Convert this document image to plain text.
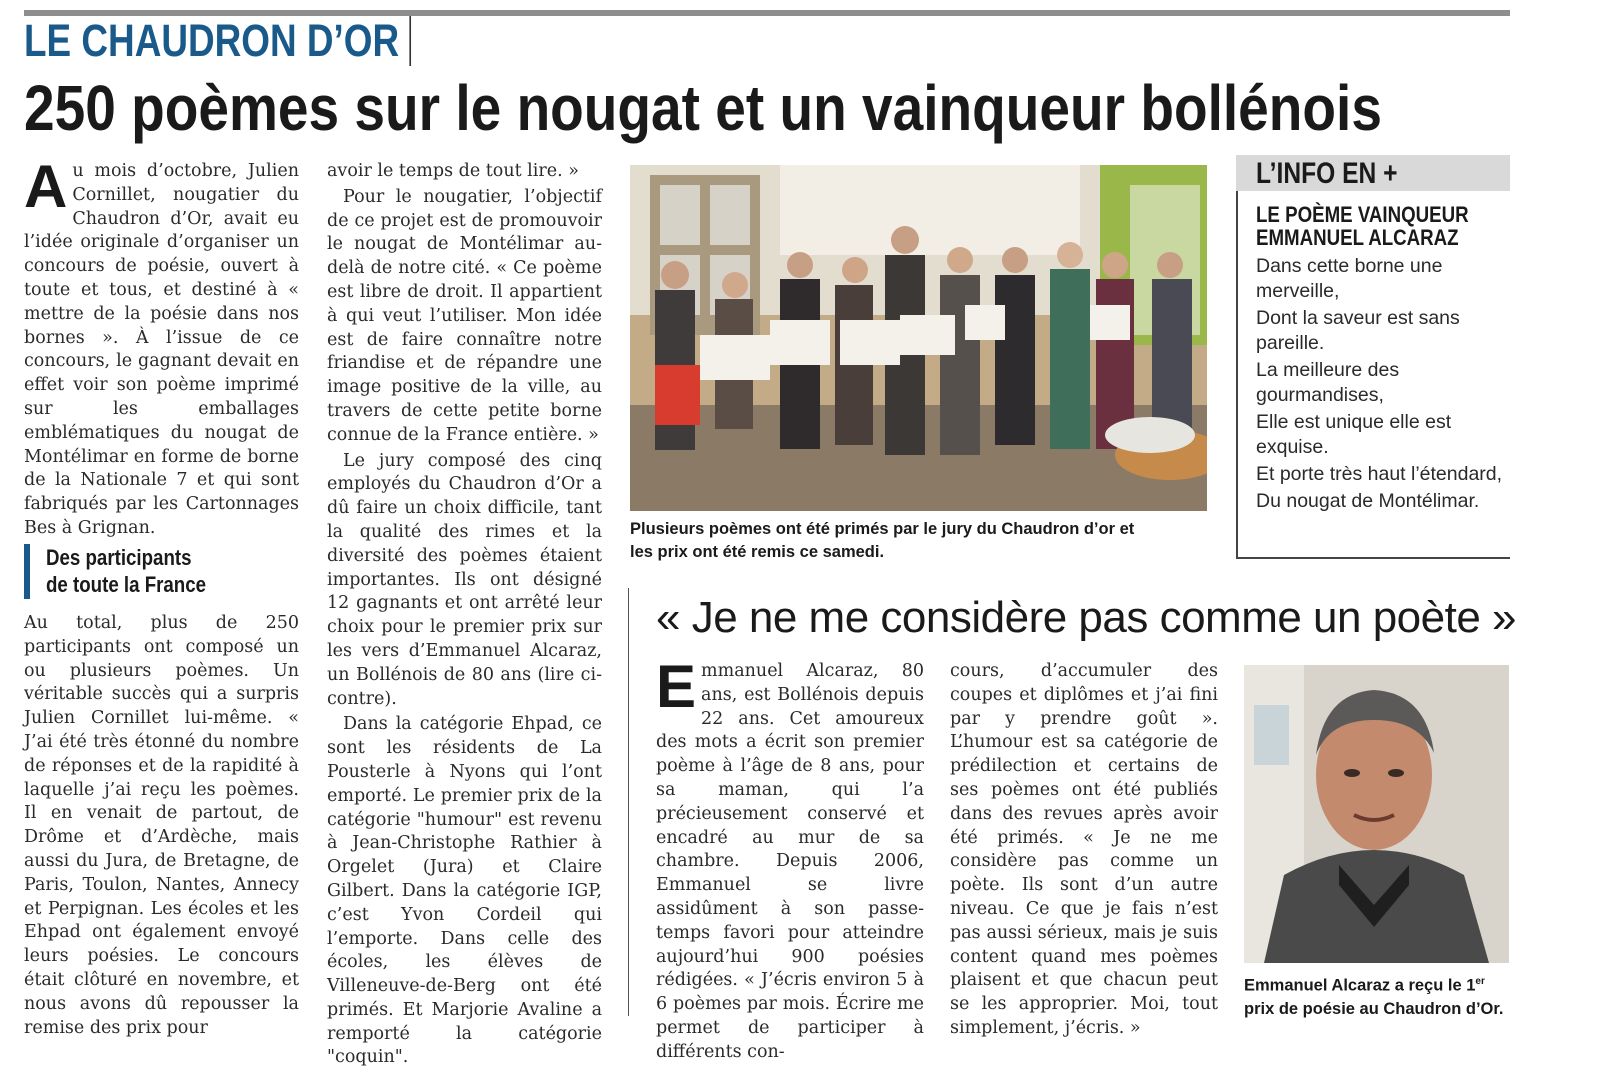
LE CHAUDRON D’OR
250 poèmes sur le nougat et un vainqueur bollénois

Au mois d’octobre, Julien Cornillet, nougatier du Chaudron d’Or, avait eu l’idée originale d’organiser un concours de poésie, ouvert à toute et tous, et destiné à « mettre de la poésie dans nos bornes ». À l’issue de ce concours, le gagnant devait en effet voir son poème imprimé sur les emballages emblématiques du nougat de Montélimar en forme de borne de la Nationale 7 et qui sont fabriqués par les Cartonnages Bes à Grignan.

Des participants
de toute la France

Au total, plus de 250 participants ont composé un ou plusieurs poèmes. Un véritable succès qui a surpris Julien Cornillet lui-même. « J’ai été très étonné du nombre de réponses et de la rapidité à laquelle j’ai reçu les poèmes. Il en venait de partout, de Drôme et d’Ardèche, mais aussi du Jura, de Bretagne, de Paris, Toulon, Nantes, Annecy et Perpignan. Les écoles et les Ehpad ont également envoyé leurs poésies. Le concours était clôturé en novembre, et nous avons dû repousser la remise des prix pour

avoir le temps de tout lire. »

Pour le nougatier, l’objectif de ce projet est de promouvoir le nougat de Montélimar au-delà de notre cité. « Ce poème est libre de droit. Il appartient à qui veut l’utiliser. Mon idée est de faire connaître notre friandise et de répandre une image positive de la ville, au travers de cette petite borne connue de la France entière. »

Le jury composé des cinq employés du Chaudron d’Or a dû faire un choix difficile, tant la qualité des rimes et la diversité des poèmes étaient importantes. Ils ont désigné 12 gagnants et ont arrêté leur choix pour le premier prix sur les vers d’Emmanuel Alcaraz, un Bollénois de 80 ans (lire ci-contre).

Dans la catégorie Ehpad, ce sont les résidents de La Pousterle à Nyons qui l’ont emporté. Le premier prix de la catégorie "humour" est revenu à Jean-Christophe Rathier à Orgelet (Jura) et Claire Gilbert. Dans la catégorie IGP, c’est Yvon Cordeil qui l’emporte. Dans celle des écoles, les élèves de Villeneuve-de-Berg ont été primés. Et Marjorie Avaline a remporté la catégorie "coquin".

Plusieurs poèmes ont été primés par le jury du Chaudron d’or et les prix ont été remis ce samedi.
L’INFO EN +
LE POÈME VAINQUEUR
EMMANUEL ALCARAZ
Dans cette borne une merveille,
Dont la saveur est sans pareille.
La meilleure des gourmandises,
Elle est unique elle est exquise.
Et porte très haut l’étendard,
Du nougat de Montélimar.
« Je ne me considère pas comme un poète »

Emmanuel Alcaraz, 80 ans, est Bollénois depuis 22 ans. Cet amoureux des mots a écrit son premier poème à l’âge de 8 ans, pour sa maman, qui l’a précieusement conservé et encadré au mur de sa chambre. Depuis 2006, Emmanuel se livre assidûment à son passe-temps favori pour atteindre aujourd’hui 900 poésies rédigées. « J’écris environ 5 à 6 poèmes par mois. Écrire me permet de participer à différents con-

cours, d’accumuler des coupes et diplômes et j’ai fini par y prendre goût ». L’humour est sa catégorie de prédilection et certains de ses poèmes ont été publiés dans des revues après avoir été primés. « Je ne me considère pas comme un poète. Ils sont d’un autre niveau. Ce que je fais n’est pas aussi sérieux, mais je suis content quand mes poèmes plaisent et que chacun peut se les approprier. Moi, tout simplement, j’écris. »

Emmanuel Alcaraz a reçu le 1er
prix de poésie au Chaudron d’Or.
